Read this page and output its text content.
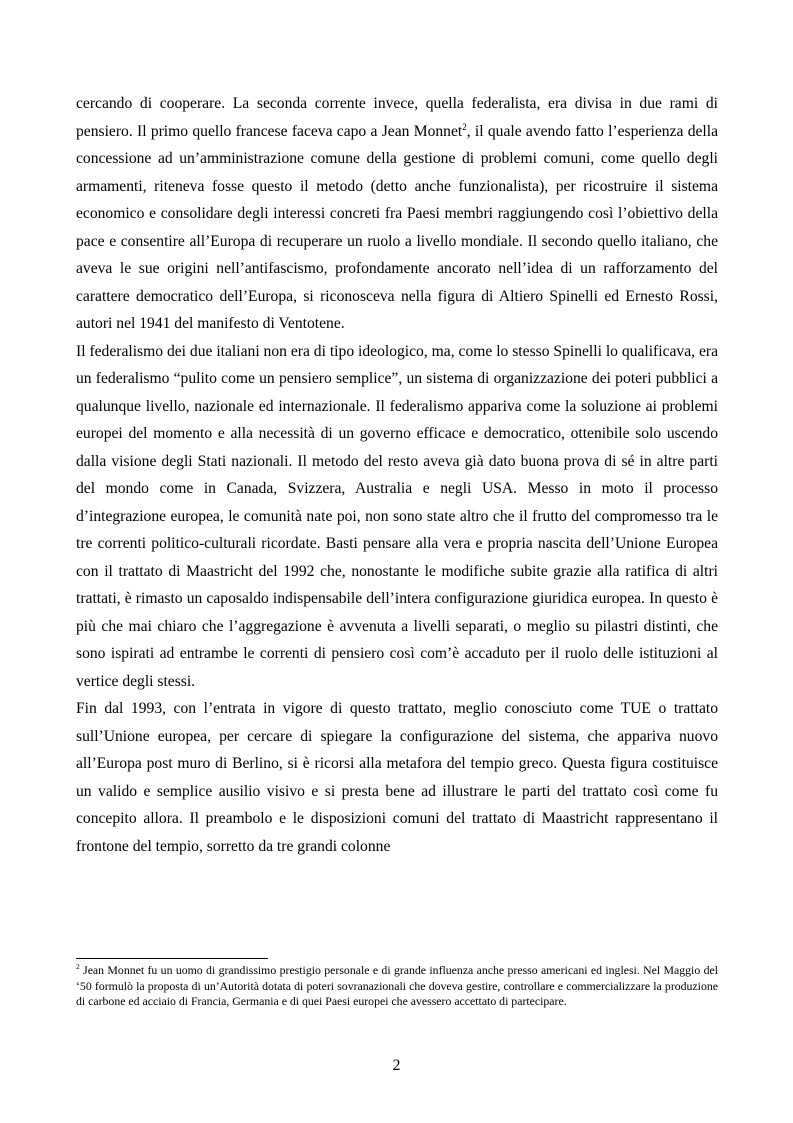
cercando di cooperare. La seconda corrente invece, quella federalista, era divisa in due rami di pensiero. Il primo quello francese faceva capo a Jean Monnet$^2$, il quale avendo fatto l’esperienza della concessione ad un’amministrazione comune della gestione di problemi comuni, come quello degli armamenti, riteneva fosse questo il metodo (detto anche funzionalista), per ricostruire il sistema economico e consolidare degli interessi concreti fra Paesi membri raggiungendo così l’obiettivo della pace e consentire all’Europa di recuperare un ruolo a livello mondiale. Il secondo quello italiano, che aveva le sue origini nell’antifascismo, profondamente ancorato nell’idea di un rafforzamento del carattere democratico dell’Europa, si riconosceva nella figura di Altiero Spinelli ed Ernesto Rossi, autori nel 1941 del manifesto di Ventotene.

Il federalismo dei due italiani non era di tipo ideologico, ma, come lo stesso Spinelli lo qualificava, era un federalismo “pulito come un pensiero semplice”, un sistema di organizzazione dei poteri pubblici a qualunque livello, nazionale ed internazionale. Il federalismo appariva come la soluzione ai problemi europei del momento e alla necessità di un governo efficace e democratico, ottenibile solo uscendo dalla visione degli Stati nazionali. Il metodo del resto aveva già dato buona prova di sé in altre parti del mondo come in Canada, Svizzera, Australia e negli USA. Messo in moto il processo d’integrazione europea, le comunità nate poi, non sono state altro che il frutto del compromesso tra le tre correnti politico-culturali ricordate. Basti pensare alla vera e propria nascita dell’Unione Europea con il trattato di Maastricht del 1992 che, nonostante le modifiche subite grazie alla ratifica di altri trattati, è rimasto un caposaldo indispensabile dell’intera configurazione giuridica europea. In questo è più che mai chiaro che l’aggregazione è avvenuta a livelli separati, o meglio su pilastri distinti, che sono ispirati ad entrambe le correnti di pensiero così com’è accaduto per il ruolo delle istituzioni al vertice degli stessi.

Fin dal 1993, con l’entrata in vigore di questo trattato, meglio conosciuto come TUE o trattato sull’Unione europea, per cercare di spiegare la configurazione del sistema, che appariva nuovo all’Europa post muro di Berlino, si è ricorsi alla metafora del tempio greco. Questa figura costituisce un valido e semplice ausilio visivo e si presta bene ad illustrare le parti del trattato così come fu concepito allora. Il preambolo e le disposizioni comuni del trattato di Maastricht rappresentano il frontone del tempio, sorretto da tre grandi colonne

$^2$ Jean Monnet fu un uomo di grandissimo prestigio personale e di grande influenza anche presso americani ed inglesi. Nel Maggio del ‘50 formulò la proposta di un’Autorità dotata di poteri sovranazionali che doveva gestire, controllare e commercializzare la produzione di carbone ed acciaio di Francia, Germania e di quei Paesi europei che avessero accettato di partecipare.
2
